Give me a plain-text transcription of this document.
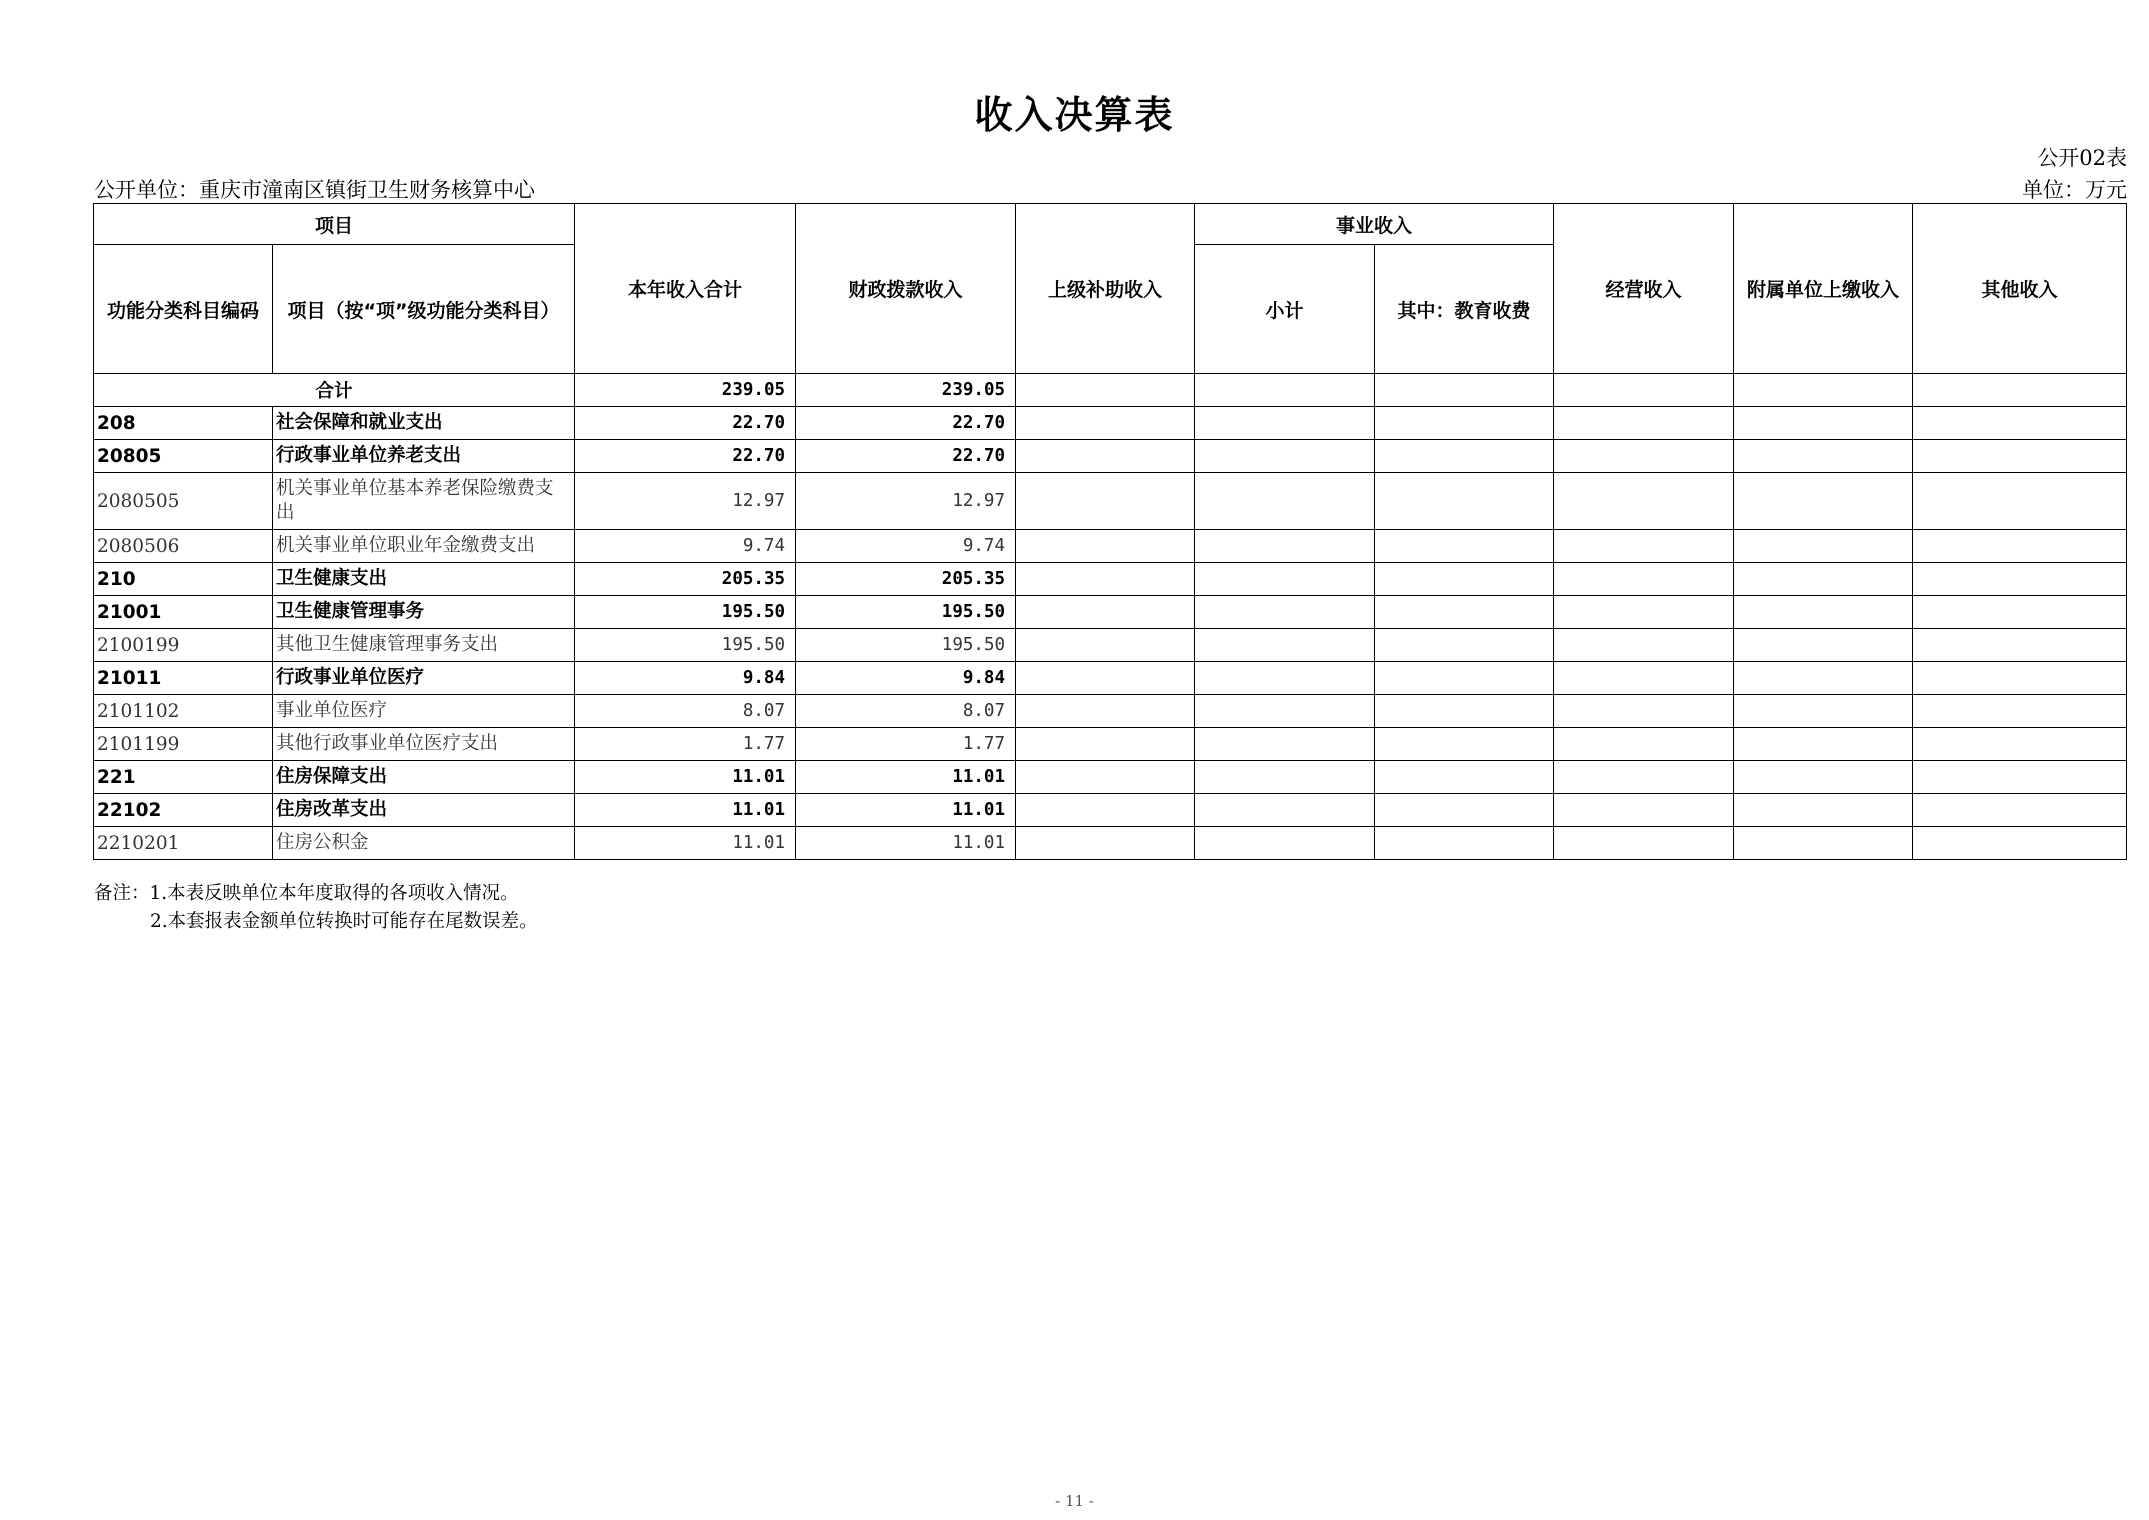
收入决算表
公开02表
公开单位：重庆市潼南区镇街卫生财务核算中心	单位：万元
项目		本年收入合计	财政拨款收入	上级补助收入	事业收入		经营收入	附属单位上缴收入	其他收入
功能分类科目编码	项目（按“项”级功能分类科目）				小计	其中：教育收费			
合计		239.05	239.05						
208	社会保障和就业支出	22.70	22.70						
20805	行政事业单位养老支出	22.70	22.70						
2080505	机关事业单位基本养老保险缴费支出	12.97	12.97						
2080506	机关事业单位职业年金缴费支出	9.74	9.74						
210	卫生健康支出	205.35	205.35						
21001	卫生健康管理事务	195.50	195.50						
2100199	其他卫生健康管理事务支出	195.50	195.50						
21011	行政事业单位医疗	9.84	9.84						
2101102	事业单位医疗	8.07	8.07						
2101199	其他行政事业单位医疗支出	1.77	1.77						
221	住房保障支出	11.01	11.01						
22102	住房改革支出	11.01	11.01						
2210201	住房公积金	11.01	11.01						
备注：1.本表反映单位本年度取得的各项收入情况。
2.本套报表金额单位转换时可能存在尾数误差。
- 11 -
